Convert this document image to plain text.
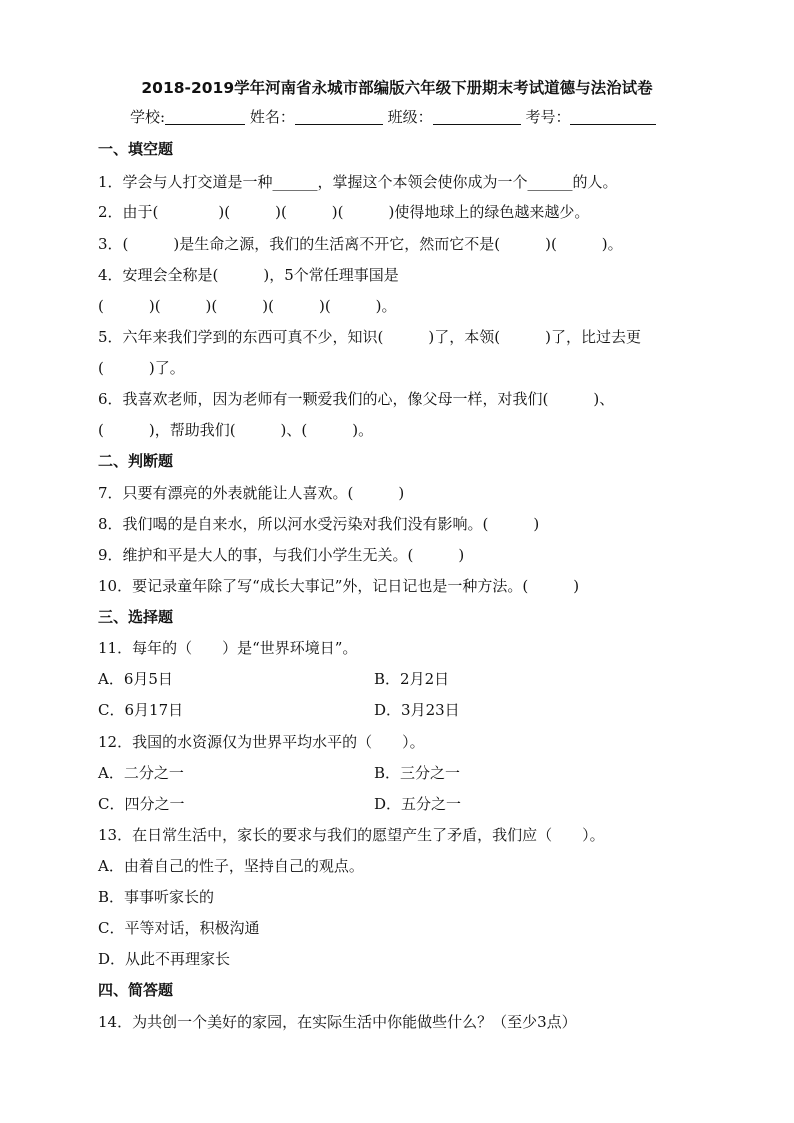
2018-2019学年河南省永城市部编版六年级下册期末考试道德与法治试卷
学校:	姓名：	班级：	考号：
一、填空题
1．学会与人打交道是一种______，掌握这个本领会使你成为一个______的人。
2．由于(　　　　)(　　　)(　　　)(　　　)使得地球上的绿色越来越少。
3．(　　　)是生命之源，我们的生活离不开它，然而它不是(　　　)(　　　)。
4．安理会全称是(　　　)，5个常任理事国是
(　　　)(　　　)(　　　)(　　　)(　　　)。
5．六年来我们学到的东西可真不少，知识(　　　)了，本领(　　　)了，比过去更
(　　　)了。
6．我喜欢老师，因为老师有一颗爱我们的心，像父母一样，对我们(　　　)、
(　　　)，帮助我们(　　　)、(　　　)。
二、判断题
7．只要有漂亮的外表就能让人喜欢。(　　　)
8．我们喝的是自来水，所以河水受污染对我们没有影响。(　　　)
9．维护和平是大人的事，与我们小学生无关。(　　　)
10．要记录童年除了写“成长大事记”外，记日记也是一种方法。(　　　)
三、选择题
11．每年的（　　）是“世界环境日”。
A．6月5日	B．2月2日
C．6月17日	D．3月23日
12．我国的水资源仅为世界平均水平的（　　）。
A．二分之一	B．三分之一
C．四分之一	D．五分之一
13．在日常生活中，家长的要求与我们的愿望产生了矛盾，我们应（　　）。
A．由着自己的性子，坚持自己的观点。
B．事事听家长的
C．平等对话，积极沟通
D．从此不再理家长
四、简答题
14．为共创一个美好的家园，在实际生活中你能做些什么？（至少3点）
